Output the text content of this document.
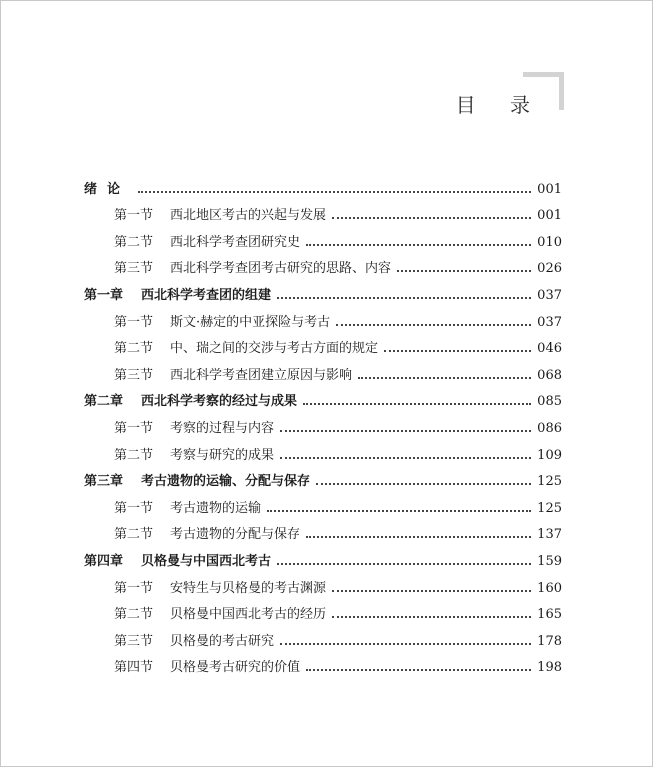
目 录
绪论	001
第一节	西北地区考古的兴起与发展	001
第二节	西北科学考查团研究史	010
第三节	西北科学考查团考古研究的思路、内容	026
第一章	西北科学考查团的组建	037
第一节	斯文·赫定的中亚探险与考古	037
第二节	中、瑞之间的交涉与考古方面的规定	046
第三节	西北科学考查团建立原因与影响	068
第二章	西北科学考察的经过与成果	085
第一节	考察的过程与内容	086
第二节	考察与研究的成果	109
第三章	考古遗物的运输、分配与保存	125
第一节	考古遗物的运输	125
第二节	考古遗物的分配与保存	137
第四章	贝格曼与中国西北考古	159
第一节	安特生与贝格曼的考古渊源	160
第二节	贝格曼中国西北考古的经历	165
第三节	贝格曼的考古研究	178
第四节	贝格曼考古研究的价值	198
